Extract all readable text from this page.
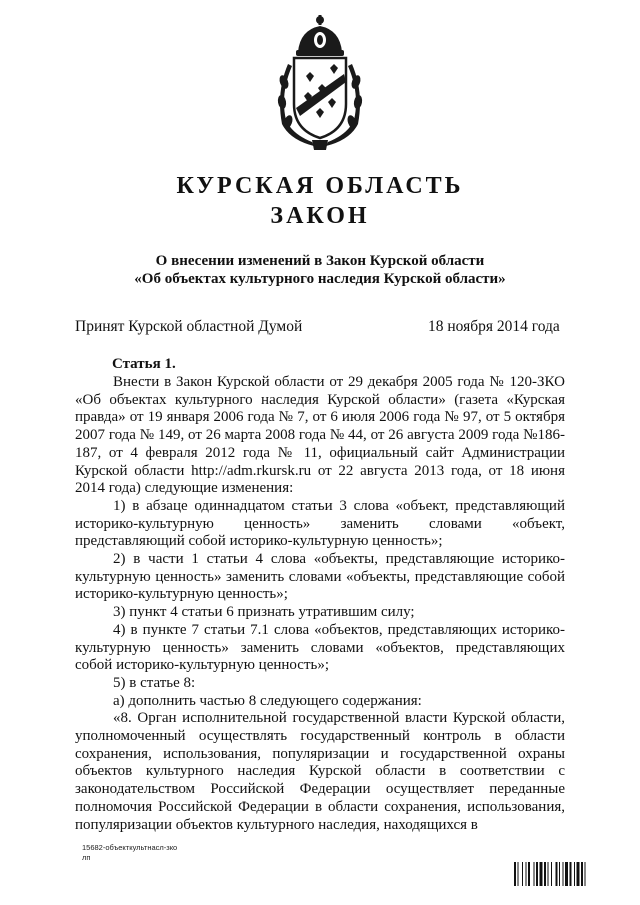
КУРСКАЯ ОБЛАСТЬ
ЗАКОН
О внесении изменений в Закон Курской области
«Об объектах культурного наследия Курской области»
Принят Курской областной Думой	18 ноября 2014 года
Статья 1.

Внести в Закон Курской области от 29 декабря 2005 года № 120-ЗКО «Об объектах культурного наследия Курской области» (газета «Курская правда» от 19 января 2006 года № 7, от 6 июля 2006 года № 97, от 5 октября 2007 года № 149, от 26 марта 2008 года № 44, от 26 августа 2009 года №186-187, от 4 февраля 2012 года № 11, официальный сайт Администрации Курской области http://adm.rkursk.ru от 22 августа 2013 года, от 18 июня 2014 года) следующие изменения:

1) в абзаце одиннадцатом статьи 3 слова «объект, представляющий историко-культурную ценность» заменить словами «объект, представляющий собой историко-культурную ценность»;

2) в части 1 статьи 4 слова «объекты, представляющие историко-культурную ценность» заменить словами «объекты, представляющие собой историко-культурную ценность»;

3) пункт 4 статьи 6 признать утратившим силу;

4) в пункте 7 статьи 7.1 слова «объектов, представляющих историко-культурную ценность» заменить словами «объектов, представляющих собой историко-культурную ценность»;

5) в статье 8:

а) дополнить частью 8 следующего содержания:

«8. Орган исполнительной государственной власти Курской области, уполномоченный осуществлять государственный контроль в области сохранения, использования, популяризации и государственной охраны объектов культурного наследия Курской области в соответствии с законодательством Российской Федерации осуществляет переданные полномочия Российской Федерации в области сохранения, использования, популяризации объектов культурного наследия, находящихся в

15682-объекткультнасл-зко
лп
